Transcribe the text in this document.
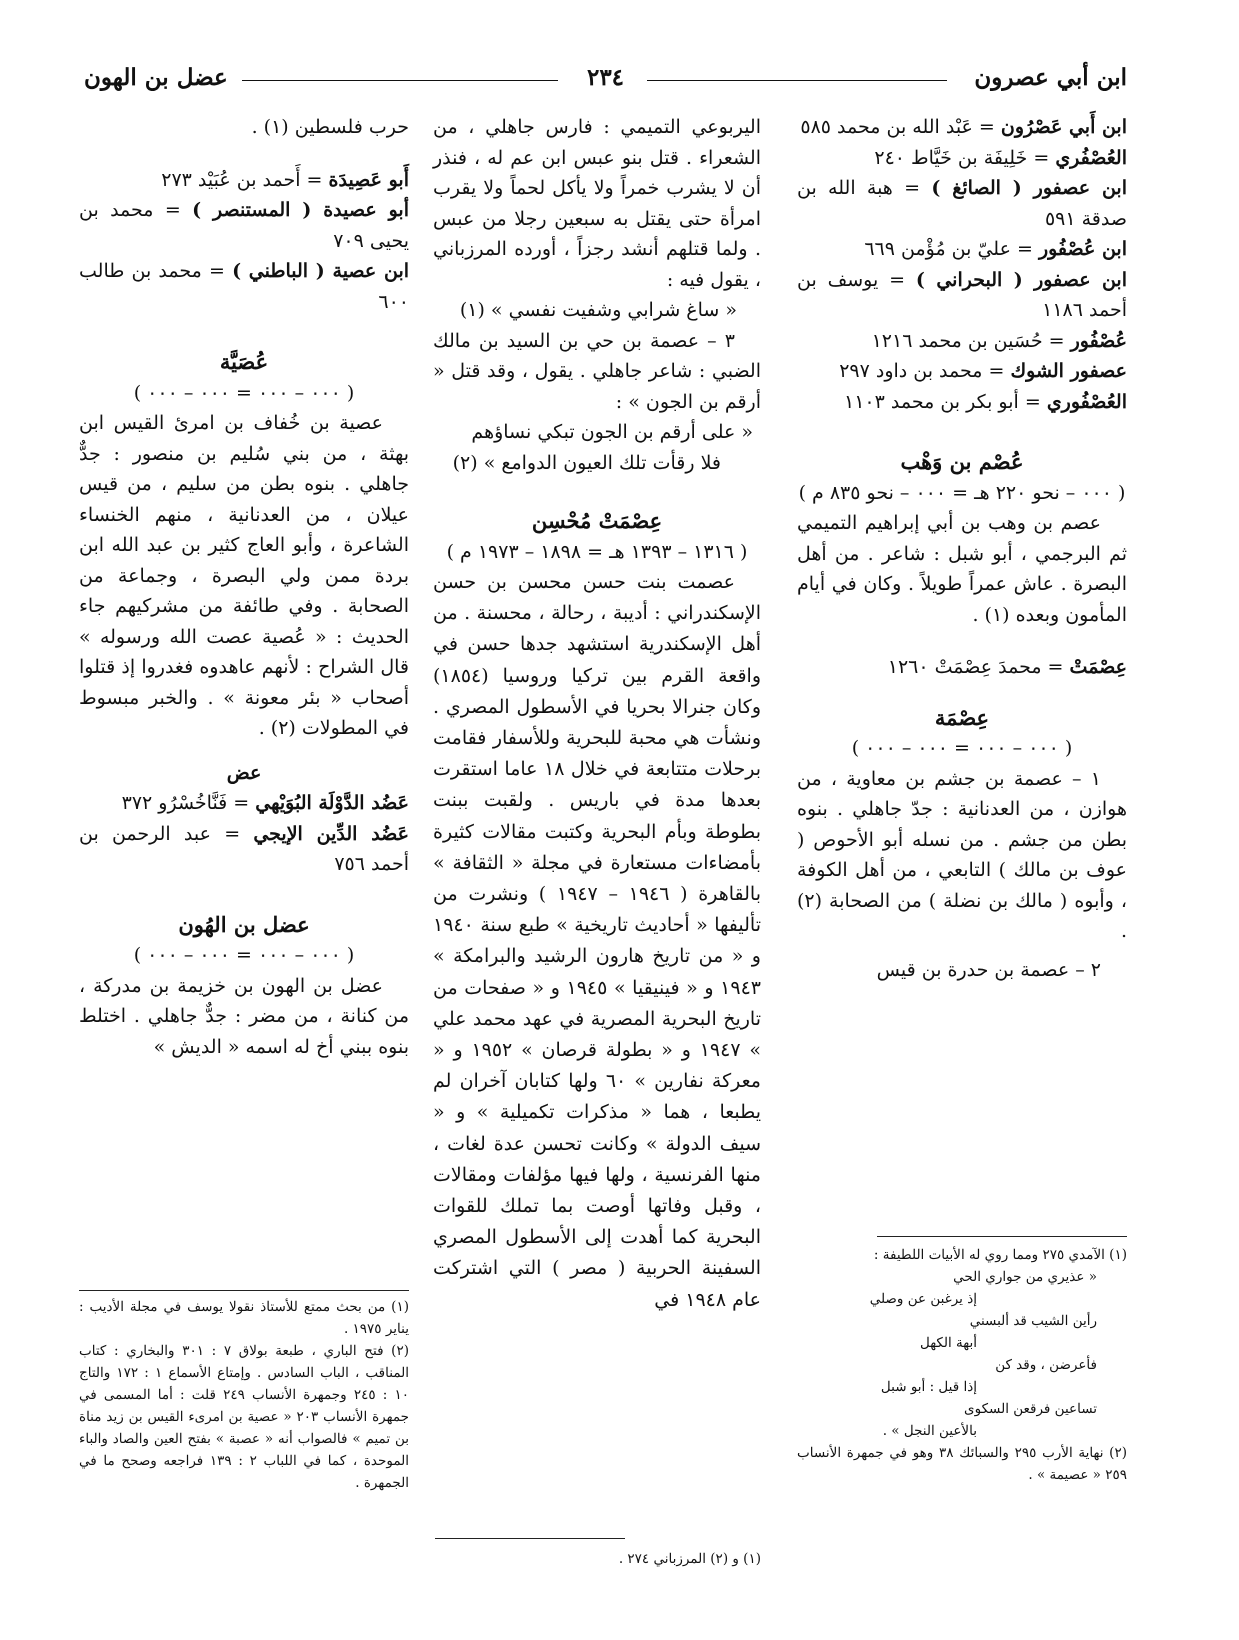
ابن أبي عصرون
٢٣٤
عضل بن الهون

ابن أَبي عَصْرُون = عَبْد الله بن محمد ٥٨٥

العُصْفُري = خَلِيفَة بن خَيَّاط ٢٤٠

ابن عصفور ( الصائغ ) = هبة الله بن صدقة ٥٩١

ابن عُصْفُور = عليّ بن مُؤْمن ٦٦٩

ابن عصفور ( البحراني ) = يوسف بن أحمد ١١٨٦

عُصْفُور = حُسَين بن محمد ١٢١٦

عصفور الشوك = محمد بن داود ٢٩٧

العُصْفُوري = أبو بكر بن محمد ١١٠٣

عُصْم بن وَهْب

( ٠٠٠ – نحو ٢٢٠ هـ = ٠٠٠ – نحو ٨٣٥ م )

عصم بن وهب بن أبي إبراهيم التميمي ثم البرجمي ، أبو شبل : شاعر . من أهل البصرة . عاش عمراً طويلاً . وكان في أيام المأمون وبعده (١) .

عِصْمَتْ = محمدَ عِصْمَتْ ١٢٦٠

عِصْمَة

( ٠٠٠ – ٠٠٠ = ٠٠٠ – ٠٠٠ )

١ – عصمة بن جشم بن معاوية ، من هوازن ، من العدنانية : جدّ جاهلي . بنوه بطن من جشم . من نسله أبو الأحوص ( عوف بن مالك ) التابعي ، من أهل الكوفة ، وأبوه ( مالك بن نضلة ) من الصحابة (٢) .

٢ – عصمة بن حدرة بن قيس

(١) الآمدي ٢٧٥ ومما روي له الأبيات اللطيفة :

« عذيري من جواري الحي

إذ يرغبن عن وصلي

رأين الشيب قد ألبسني

أبهة الكهل

فأعرضن ، وقد كن

إذا قيل : أبو شبل

تساعين فرقعن السكوى

بالأعين النجل » .

(٢) نهاية الأرب ٢٩٥ والسبائك ٣٨ وهو في جمهرة الأنساب ٢٥٩ « عصيمة » .

اليربوعي التميمي : فارس جاهلي ، من الشعراء . قتل بنو عبس ابن عم له ، فنذر أن لا يشرب خمراً ولا يأكل لحماً ولا يقرب امرأة حتى يقتل به سبعين رجلا من عبس . ولما قتلهم أنشد رجزاً ، أورده المرزباني ، يقول فيه :

« ساغ شرابي وشفيت نفسي » (١)

٣ – عصمة بن حي بن السيد بن مالك الضبي : شاعر جاهلي . يقول ، وقد قتل « أرقم بن الجون » :

« على أرقم بن الجون تبكي نساؤهم

فلا رقأت تلك العيون الدوامع » (٢)

عِصْمَتْ مُحْسِن

( ١٣١٦ – ١٣٩٣ هـ = ١٨٩٨ – ١٩٧٣ م )

عصمت بنت حسن محسن بن حسن الإسكندراني : أديبة ، رحالة ، محسنة . من أهل الإسكندرية استشهد جدها حسن في واقعة القرم بين تركيا وروسيا (١٨٥٤) وكان جنرالا بحريا في الأسطول المصري . ونشأت هي محبة للبحرية وللأسفار فقامت برحلات متتابعة في خلال ١٨ عاما استقرت بعدها مدة في باريس . ولقبت ببنت بطوطة وبأم البحرية وكتبت مقالات كثيرة بأمضاءات مستعارة في مجلة « الثقافة » بالقاهرة ( ١٩٤٦ – ١٩٤٧ ) ونشرت من تأليفها « أحاديث تاريخية » طبع سنة ١٩٤٠ و « من تاريخ هارون الرشيد والبرامكة » ١٩٤٣ و « فينيقيا » ١٩٤٥ و « صفحات من تاريخ البحرية المصرية في عهد محمد علي » ١٩٤٧ و « بطولة قرصان » ١٩٥٢ و « معركة نفارين » ٦٠ ولها كتابان آخران لم يطبعا ، هما « مذكرات تكميلية » و « سيف الدولة » وكانت تحسن عدة لغات ، منها الفرنسية ، ولها فيها مؤلفات ومقالات ، وقبل وفاتها أوصت بما تملك للقوات البحرية كما أهدت إلى الأسطول المصري السفينة الحربية ( مصر ) التي اشتركت عام ١٩٤٨ في

(١) و (٢) المرزباني ٢٧٤ .

حرب فلسطين (١) .

أَبو عَصِيدَة = أَحمد بن عُبَيْد ٢٧٣

أبو عصيدة ( المستنصر ) = محمد بن يحيى ٧٠٩

ابن عصية ( الباطني ) = محمد بن طالب ٦٠٠

عُصَيَّة

( ٠٠٠ – ٠٠٠ = ٠٠٠ – ٠٠٠ )

عصية بن خُفاف بن امرئ القيس ابن بهثة ، من بني سُليم بن منصور : جدٌّ جاهلي . بنوه بطن من سليم ، من قيس عيلان ، من العدنانية ، منهم الخنساء الشاعرة ، وأبو العاج كثير بن عبد الله ابن بردة ممن ولي البصرة ، وجماعة من الصحابة . وفي طائفة من مشركيهم جاء الحديث : « عُصية عصت الله ورسوله » قال الشراح : لأنهم عاهدوه فغدروا إذ قتلوا أصحاب « بئر معونة » . والخبر مبسوط في المطولات (٢) .

عض

عَضُد الدَّوْلَة البُوَيْهي = فَنَّاخُسْرُو ٣٧٢

عَضُد الدِّين الإيجي = عبد الرحمن بن أحمد ٧٥٦

عضل بن الهُون

( ٠٠٠ – ٠٠٠ = ٠٠٠ – ٠٠٠ )

عضل بن الهون بن خزيمة بن مدركة ، من كنانة ، من مضر : جدٌّ جاهلي . اختلط بنوه ببني أخ له اسمه « الديش »

(١) من بحث ممتع للأستاذ نقولا يوسف في مجلة الأديب : يناير ١٩٧٥ .

(٢) فتح الباري ، طبعة بولاق ٧ : ٣٠١ والبخاري : كتاب المناقب ، الباب السادس . وإمتاع الأسماع ١ : ١٧٢ والتاج ١٠ : ٢٤٥ وجمهرة الأنساب ٢٤٩ قلت : أما المسمى في جمهرة الأنساب ٢٠٣ « عصية بن امرىء القيس بن زيد مناة بن تميم » فالصواب أنه « عصبة » بفتح العين والصاد والباء الموحدة ، كما في اللباب ٢ : ١٣٩ فراجعه وصحح ما في الجمهرة .
